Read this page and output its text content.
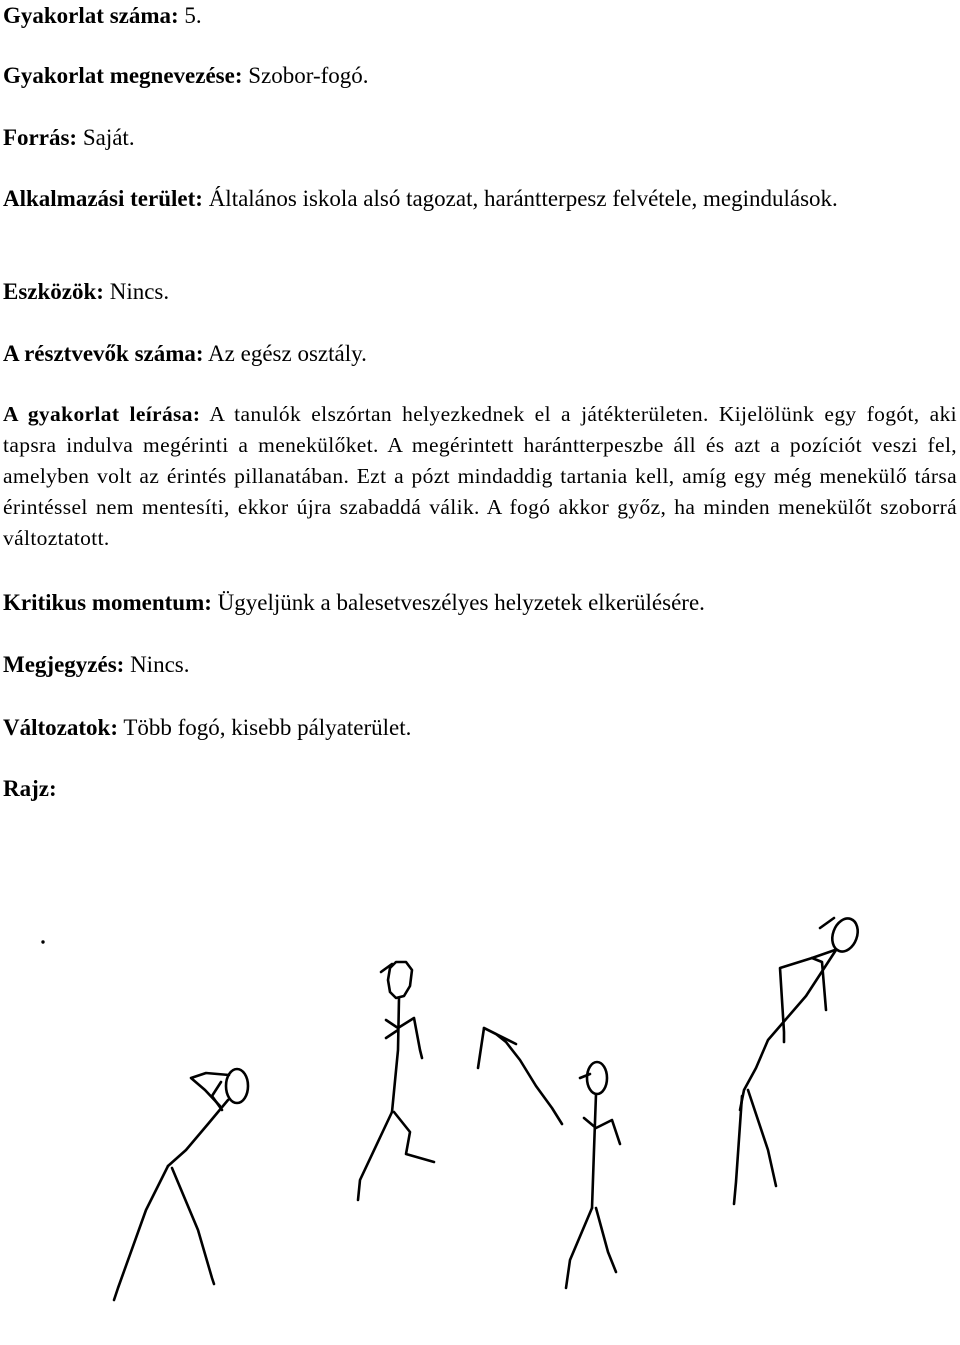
Gyakorlat száma: 5.

Gyakorlat megnevezése: Szobor-fogó.

Forrás: Saját.

Alkalmazási terület: Általános iskola alsó tagozat, harántterpesz felvétele, megindulások.

Eszközök: Nincs.

A résztvevők száma: Az egész osztály.

A gyakorlat leírása: A tanulók elszórtan helyezkednek el a játékterületen. Kijelölünk egy fogót, aki tapsra indulva megérinti a menekülőket. A megérintett harántterpeszbe áll és azt a pozíciót veszi fel, amelyben volt az érintés pillanatában. Ezt a pózt mindaddig tartania kell, amíg egy még menekülő társa érintéssel nem mentesíti, ekkor újra szabaddá válik. A fogó akkor győz, ha minden menekülőt szoborrá változtatott.

Kritikus momentum: Ügyeljünk a balesetveszélyes helyzetek elkerülésére.

Megjegyzés: Nincs.

Változatok: Több fogó, kisebb pályaterület.

Rajz:
